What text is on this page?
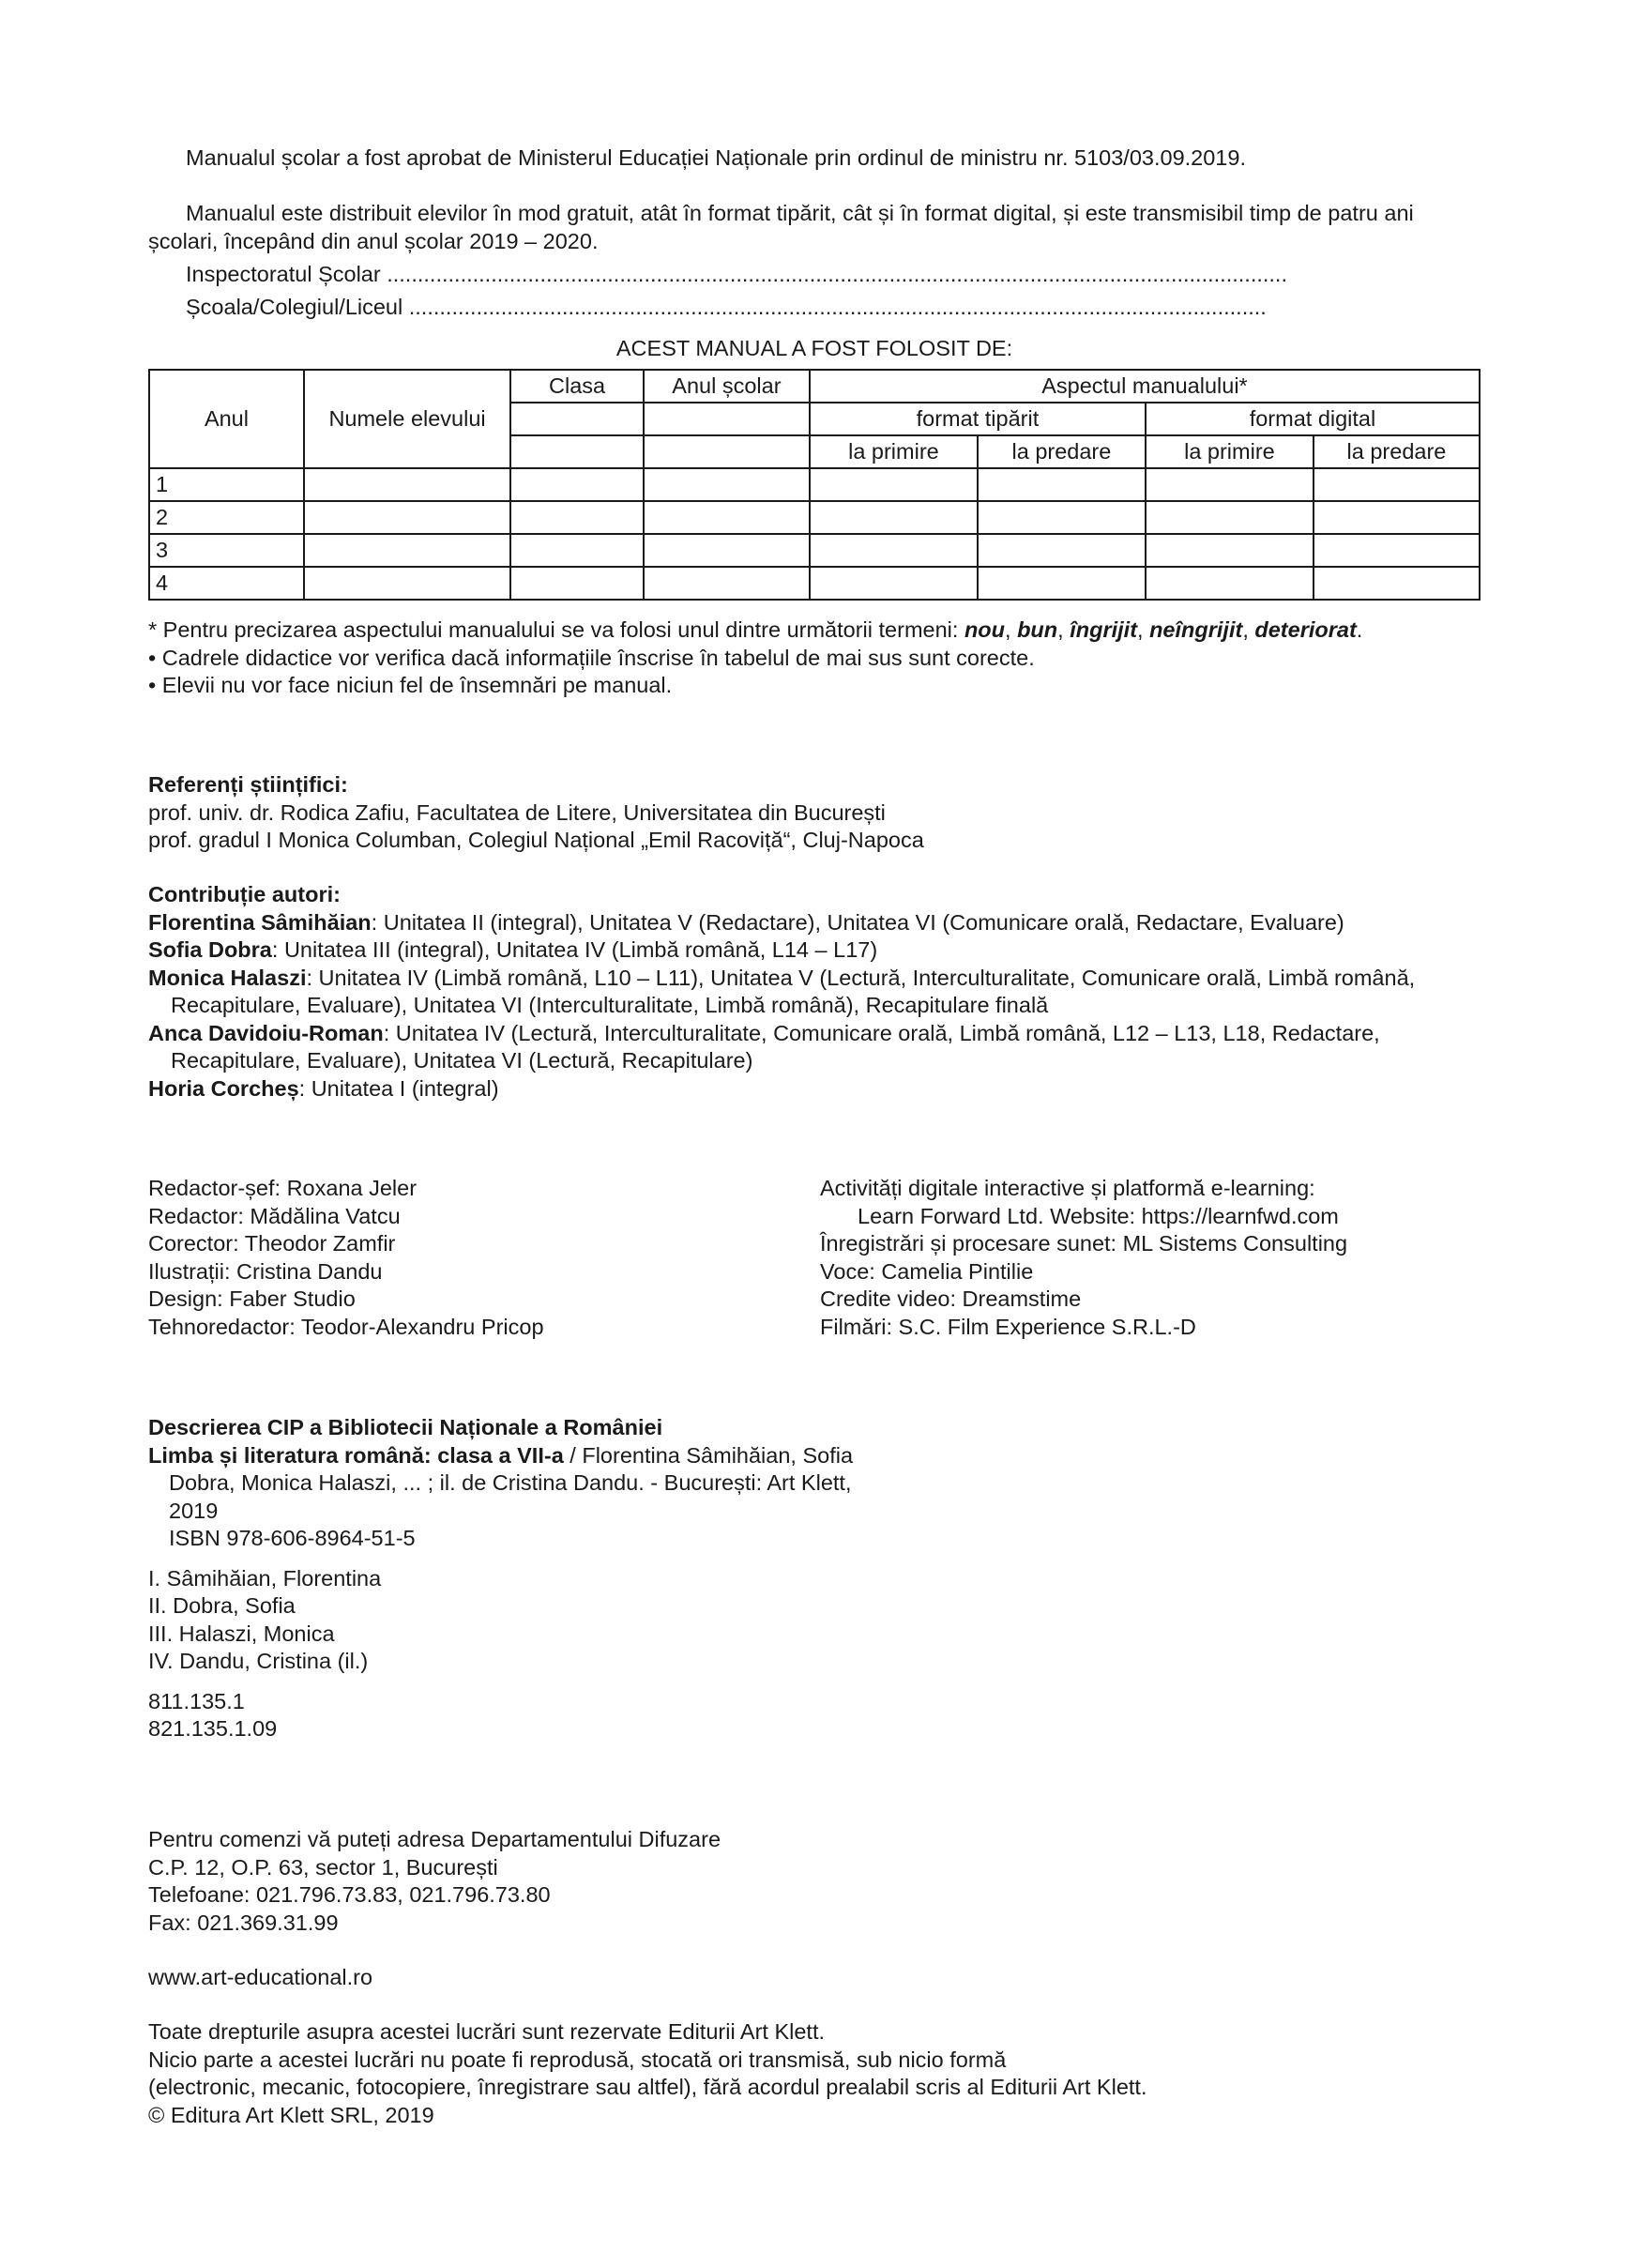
Manualul școlar a fost aprobat de Ministerul Educației Naționale prin ordinul de ministru nr. 5103/03.09.2019.

Manualul este distribuit elevilor în mod gratuit, atât în format tipărit, cât și în format digital, și este transmisibil timp de patru ani școlari, începând din anul școlar 2019 – 2020.

Inspectoratul Școlar ...................................................................................................................................................

Școala/Colegiul/Liceul ............................................................................................................................................

ACEST MANUAL A FOST FOLOSIT DE:

Anul	Numele elevului	Clasa	Anul școlar	Aspectul manualului*			
				format tipărit		format digital	
				la primire	la predare	la primire	la predare
1							
2							
3							
4							

* Pentru precizarea aspectului manualului se va folosi unul dintre următorii termeni: nou, bun, îngrijit, neîngrijit, deteriorat.

• Cadrele didactice vor verifica dacă informațiile înscrise în tabelul de mai sus sunt corecte.

• Elevii nu vor face niciun fel de însemnări pe manual.

Referenți științifici:

prof. univ. dr. Rodica Zafiu, Facultatea de Litere, Universitatea din București

prof. gradul I Monica Columban, Colegiul Național „Emil Racoviță“, Cluj-Napoca

Contribuție autori:

Florentina Sâmihăian: Unitatea II (integral), Unitatea V (Redactare), Unitatea VI (Comunicare orală, Redactare, Evaluare)

Sofia Dobra: Unitatea III (integral), Unitatea IV (Limbă română, L14 – L17)

Monica Halaszi: Unitatea IV (Limbă română, L10 – L11), Unitatea V (Lectură, Interculturalitate, Comunicare orală, Limbă română, Recapitulare, Evaluare), Unitatea VI (Interculturalitate, Limbă română), Recapitulare finală

Anca Davidoiu-Roman: Unitatea IV (Lectură, Interculturalitate, Comunicare orală, Limbă română, L12 – L13, L18, Redactare, Recapitulare, Evaluare), Unitatea VI (Lectură, Recapitulare)

Horia Corcheș: Unitatea I (integral)

Redactor-șef: Roxana Jeler

Redactor: Mădălina Vatcu

Corector: Theodor Zamfir

Ilustrații: Cristina Dandu

Design: Faber Studio

Tehnoredactor: Teodor-Alexandru Pricop

Activități digitale interactive și platformă e-learning:

Learn Forward Ltd. Website: https://learnfwd.com

Înregistrări și procesare sunet: ML Sistems Consulting

Voce: Camelia Pintilie

Credite video: Dreamstime

Filmări: S.C. Film Experience S.R.L.-D

Descrierea CIP a Bibliotecii Naționale a României

Limba și literatura română: clasa a VII-a / Florentina Sâmihăian, Sofia Dobra, Monica Halaszi, ... ; il. de Cristina Dandu. - București: Art Klett, 2019

ISBN 978-606-8964-51-5

I. Sâmihăian, Florentina

II. Dobra, Sofia

III. Halaszi, Monica

IV. Dandu, Cristina (il.)

811.135.1

821.135.1.09

Pentru comenzi vă puteți adresa Departamentului Difuzare

C.P. 12, O.P. 63, sector 1, București

Telefoane: 021.796.73.83, 021.796.73.80

Fax: 021.369.31.99

www.art-educational.ro

Toate drepturile asupra acestei lucrări sunt rezervate Editurii Art Klett.

Nicio parte a acestei lucrări nu poate fi reprodusă, stocată ori transmisă, sub nicio formă

(electronic, mecanic, fotocopiere, înregistrare sau altfel), fără acordul prealabil scris al Editurii Art Klett.

© Editura Art Klett SRL, 2019
